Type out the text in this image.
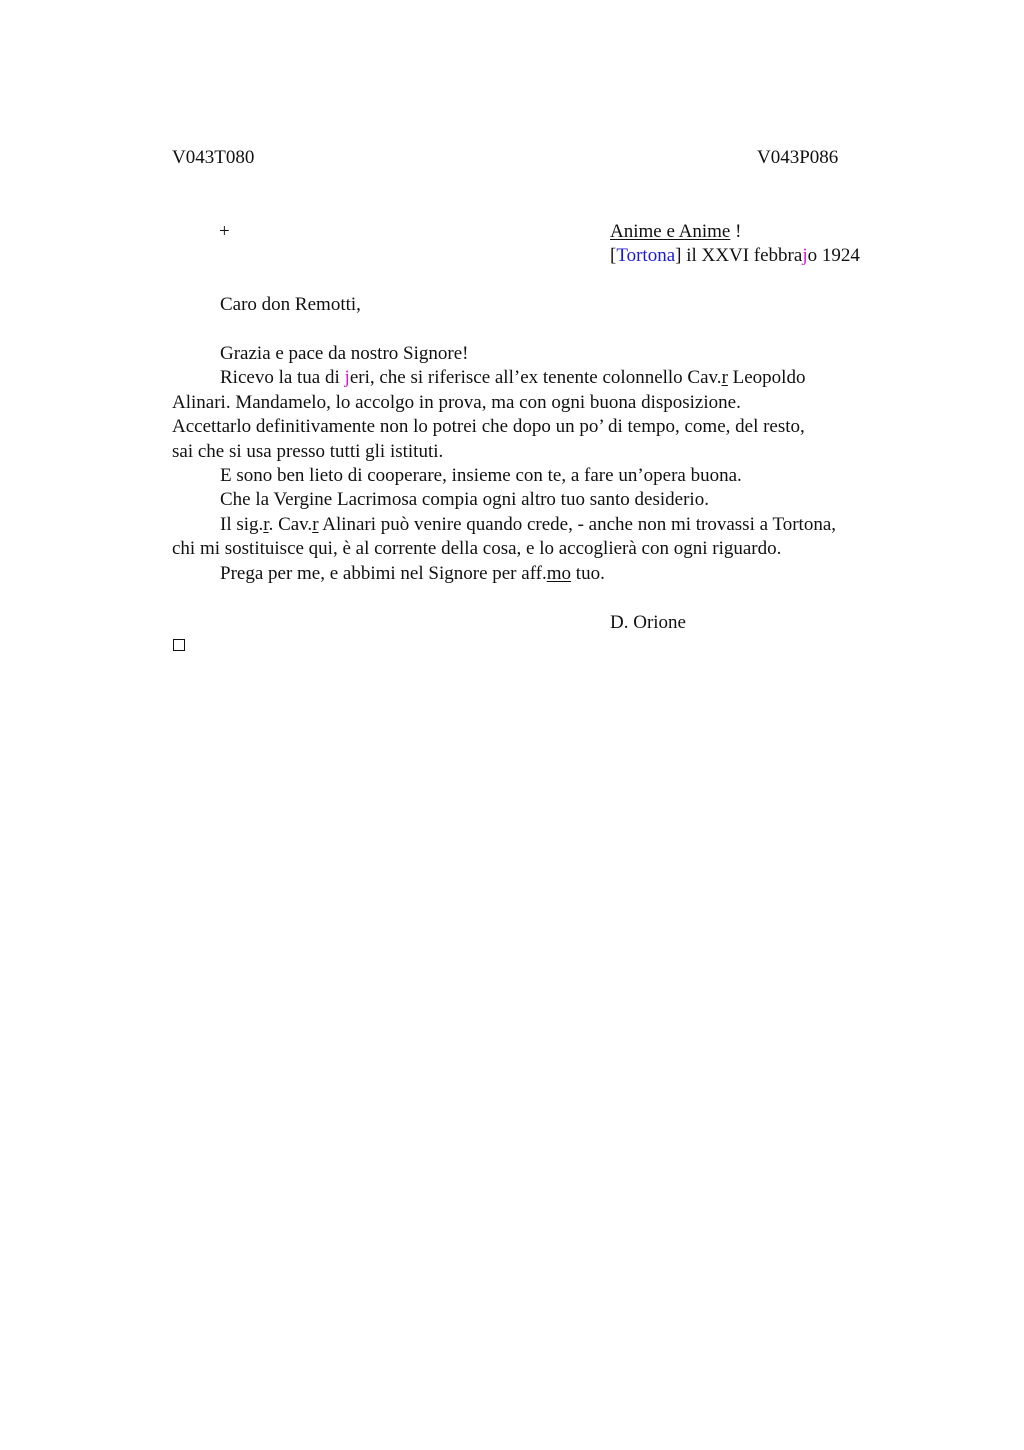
V043T080	V043P086
+	Anime e Anime !
[Tortona] il XXVI febbrajo 1924
Caro don Remotti,

Grazia e pace da nostro Signore!

Ricevo la tua di jeri, che si riferisce all’ex tenente colonnello Cav.r Leopoldo

Alinari. Mandamelo, lo accolgo in prova, ma con ogni buona disposizione.

Accettarlo definitivamente non lo potrei che dopo un po’ di tempo, come, del resto,

sai che si usa presso tutti gli istituti.

E sono ben lieto di cooperare, insieme con te, a fare un’opera buona.

Che la Vergine Lacrimosa compia ogni altro tuo santo desiderio.

Il sig.r. Cav.r Alinari può venire quando crede, - anche non mi trovassi a Tortona,

chi mi sostituisce qui, è al corrente della cosa, e lo accoglierà con ogni riguardo.

Prega per me, e abbimi nel Signore per aff.mo tuo.

D. Orione
